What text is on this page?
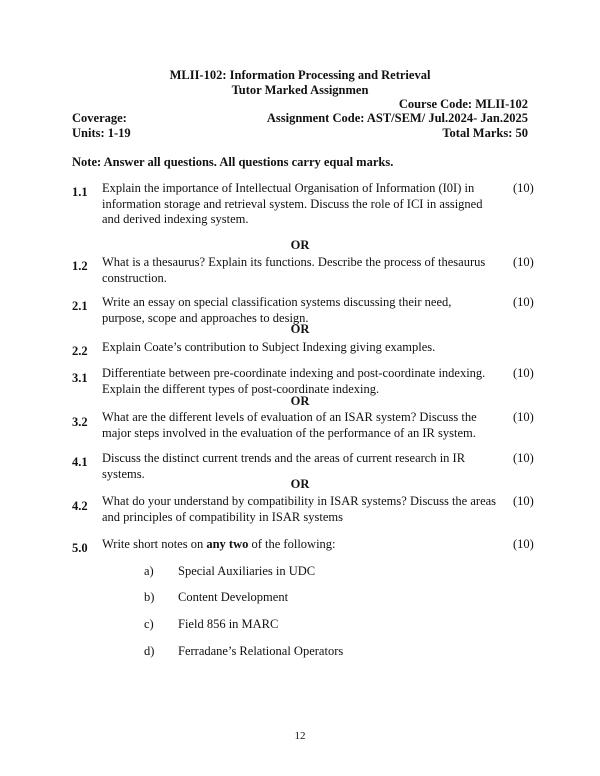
MLII-102: Information Processing and Retrieval
Tutor Marked Assignmen
Course Code: MLII-102
Coverage:	Assignment Code: AST/SEM/ Jul.2024- Jan.2025
Units: 1-19	Total Marks: 50
Note: Answer all questions. All questions carry equal marks.
1.1 Explain the importance of Intellectual Organisation of Information (I0I) in information storage and retrieval system. Discuss the role of ICI in assigned and derived indexing system.
(10)
OR
1.2 What is a thesaurus? Explain its functions. Describe the process of thesaurus construction.
(10)
2.1 Write an essay on special classification systems discussing their need, purpose, scope and approaches to design.
(10)
OR
2.2 Explain Coate’s contribution to Subject Indexing giving examples.
3.1 Differentiate between pre-coordinate indexing and post-coordinate indexing. Explain the different types of post-coordinate indexing.
(10)
OR
3.2 What are the different levels of evaluation of an ISAR system? Discuss the major steps involved in the evaluation of the performance of an IR system.
(10)
4.1 Discuss the distinct current trends and the areas of current research in IR systems.
(10)
OR
4.2 What do your understand by compatibility in ISAR systems? Discuss the areas and principles of compatibility in ISAR systems
(10)
5.0 Write short notes on any two of the following:	(10)
a) Special Auxiliaries in UDC
b) Content Development
c) Field 856 in MARC
d) Ferradane’s Relational Operators
12
